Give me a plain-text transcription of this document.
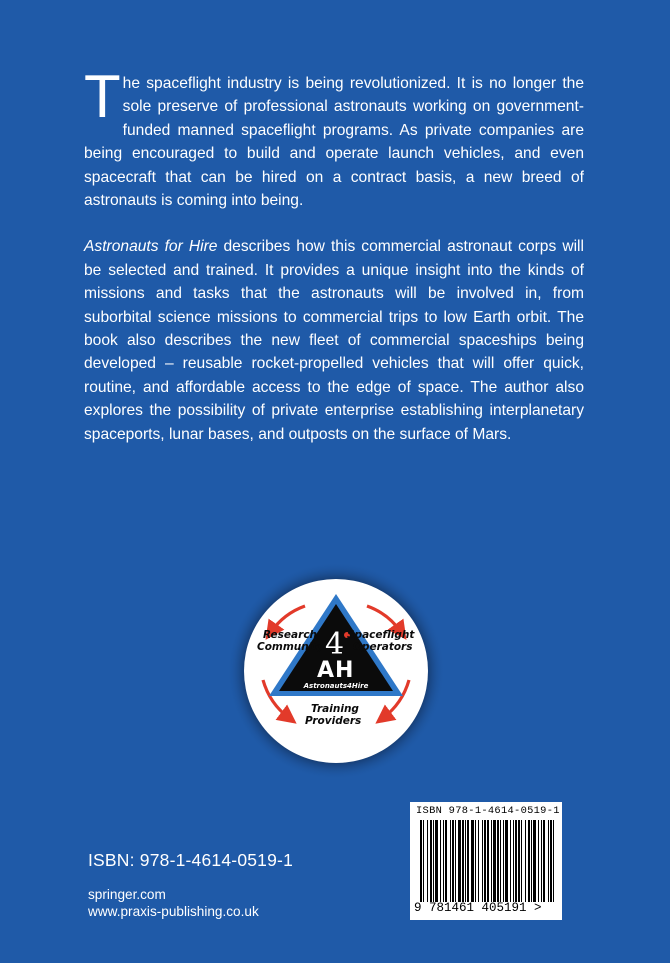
The spaceflight industry is being revolutionized. It is no longer the sole preserve of professional astronauts working on government-funded manned spaceflight programs. As private companies are being encouraged to build and operate launch vehicles, and even spacecraft that can be hired on a contract basis, a new breed of astronauts is coming into being.

Astronauts for Hire describes how this commercial astronaut corps will be selected and trained. It provides a unique insight into the kinds of missions and tasks that the astronauts will be involved in, from suborbital science missions to commercial trips to low Earth orbit. The book also describes the new fleet of commercial spaceships being developed – reusable rocket-propelled vehicles that will offer quick, routine, and affordable access to the edge of space. The author also explores the possibility of private enterprise establishing interplanetary spaceports, lunar bases, and outposts on the surface of Mars.

4
AH
Astronauts4Hire
Research
Community
Spaceflight
Operators
Training
Providers
ISBN: 978-1-4614-0519-1
springer.com
www.praxis-publishing.co.uk
ISBN 978-1-4614-0519-1
9 781461 405191 >
